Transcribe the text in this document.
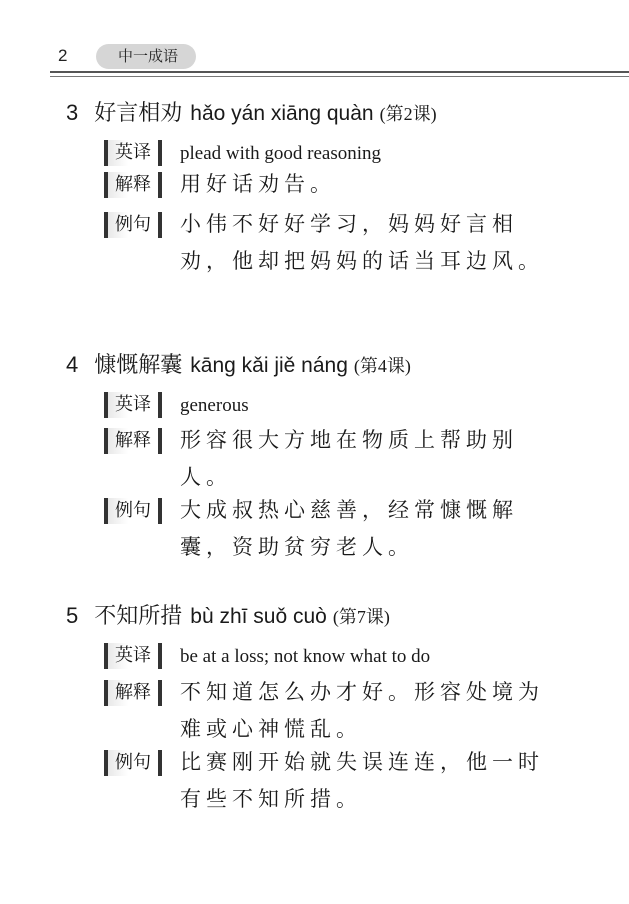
2	中一成语
3 好言相劝 hǎo yán xiāng quàn (第2课)
英译	plead with good reasoning
解释	用好话劝告。
例句	小伟不好好学习，妈妈好言相劝，他却把妈妈的话当耳边风。
4 慷慨解囊 kāng kǎi jiě náng (第4课)
英译	generous
解释	形容很大方地在物质上帮助别人。
例句	大成叔热心慈善，经常慷慨解囊，资助贫穷老人。
5 不知所措 bù zhī suǒ cuò (第7课)
英译	be at a loss; not know what to do
解释	不知道怎么办才好。形容处境为难或心神慌乱。
例句	比赛刚开始就失误连连，他一时有些不知所措。
